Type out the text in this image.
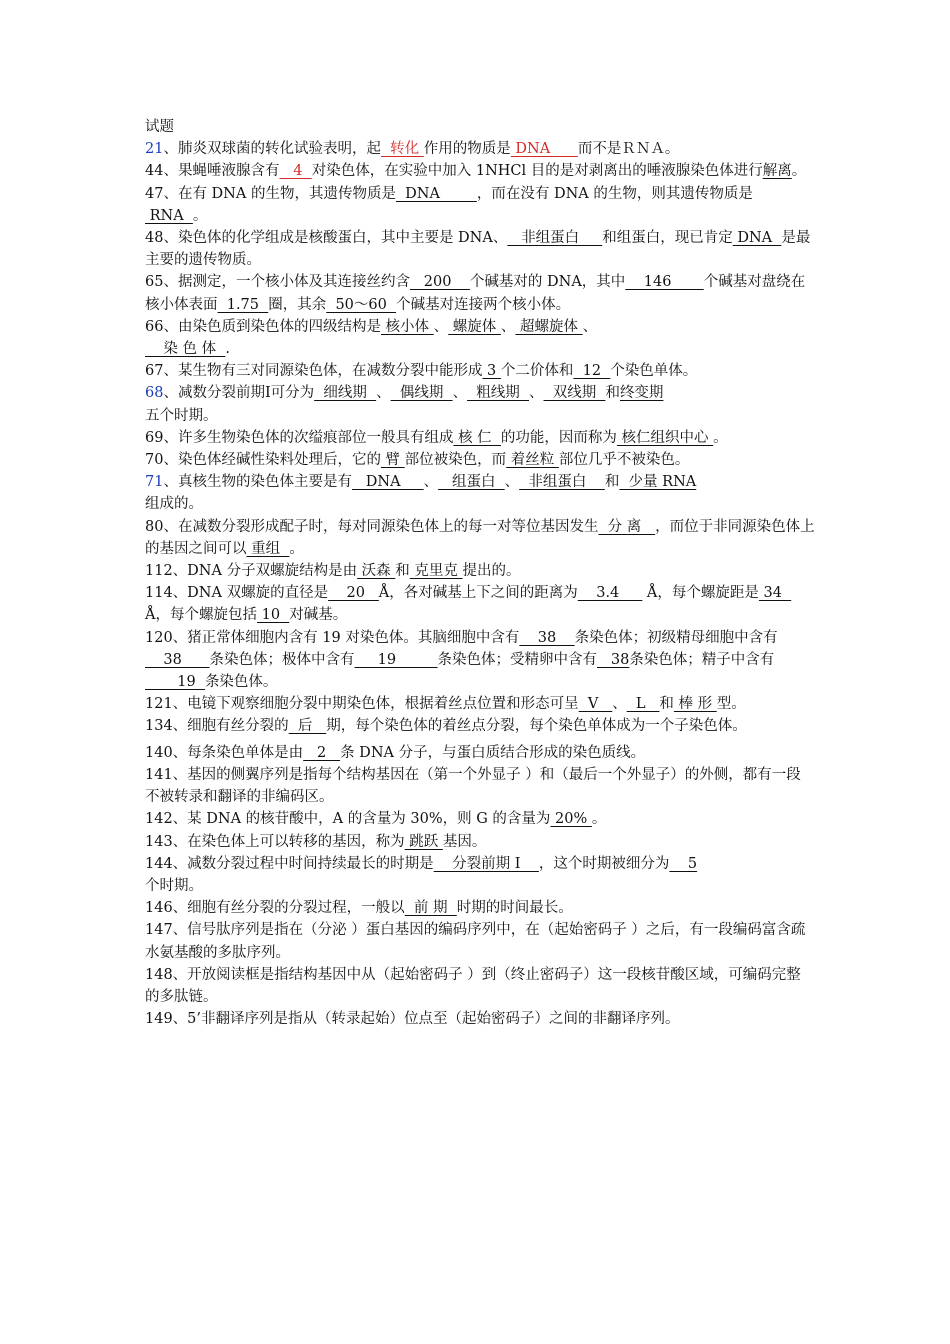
试题

21、肺炎双球菌的转化试验表明，起  转化 作用的物质是 DNA      而不是ＲＮＡ。

44、果蝇唾液腺含有   4  对染色体，在实验中加入 1NHCl 目的是对剥离出的唾液腺染色体进行解离。

47、在有 DNA 的生物，其遗传物质是  DNA        ，而在没有 DNA 的生物，则其遗传物质是 RNA  。

48、染色体的化学组成是核酸蛋白，其中主要是 DNA、   非组蛋白     和组蛋白，现已肯定 DNA  是最主要的遗传物质。

65、据测定，一个核小体及其连接丝约含   200    个碱基对的 DNA，其中    146       个碱基对盘绕在核小体表面  1.75  圈，其余  50～60  个碱基对连接两个核小体。

66、由染色质到染色体的四级结构是 核小体 、 螺旋体 、 超螺旋体 、
染 色 体  .

67、某生物有三对同源染色体，在减数分裂中能形成 3 个二价体和  12  个染色单体。

68、减数分裂前期Ⅰ可分为  细线期  、  偶线期  、  粗线期  、  双线期  和终变期
五个时期。

69、许多生物染色体的次缢痕部位一般具有组成 核 仁  的功能，因而称为 核仁组织中心 。

70、染色体经碱性染料处理后，它的 臂 部位被染色，而 着丝粒 部位几乎不被染色。

71、真核生物的染色体主要是有   DNA     、   组蛋白  、  非组蛋白    和  少量 RNA
组成的。

80、在减数分裂形成配子时，每对同源染色体上的每一对等位基因发生  分 离   ，而位于非同源染色体上的基因之间可以 重组  。

112、DNA 分子双螺旋结构是由 沃森 和 克里克 提出的。

114、DNA 双螺旋的直径是    20   Å，各对碱基上下之间的距离为    3.4      Å，每个螺旋距是 34   Å，每个螺旋包括 10  对碱基。

120、猪正常体细胞内含有 19 对染色体。其脑细胞中含有    38    条染色体；初级精母细胞中含有    38      条染色体；极体中含有     19         条染色体；受精卵中含有   38条染色体；精子中含有       19  条染色体。

121、电镜下观察细胞分裂中期染色体，根据着丝点位置和形态可呈  V   、  L   和 棒 形 型。

134、细胞有丝分裂的  后   期，每个染色体的着丝点分裂，每个染色单体成为一个子染色体。

140、每条染色单体是由   2   条 DNA 分子，与蛋白质结合形成的染色质线。

141、基因的侧翼序列是指每个结构基因在（第一个外显子 ）和（最后一个外显子）的外侧，都有一段不被转录和翻译的非编码区。

142、某 DNA 的核苷酸中，A 的含量为 30%，则 G 的含量为 20% 。

143、在染色体上可以转移的基因，称为 跳跃 基因。

144、减数分裂过程中时间持续最长的时期是    分裂前期 Ⅰ    ，这个时期被细分为    5
个时期。

146、细胞有丝分裂的分裂过程，一般以  前 期  时期的时间最长。

147、信号肽序列是指在（分泌 ）蛋白基因的编码序列中，在（起始密码子 ）之后，有一段编码富含疏水氨基酸的多肽序列。

148、开放阅读框是指结构基因中从（起始密码子 ）到（终止密码子）这一段核苷酸区域，可编码完整的多肽链。

149、5’非翻译序列是指从（转录起始）位点至（起始密码子）之间的非翻译序列。
